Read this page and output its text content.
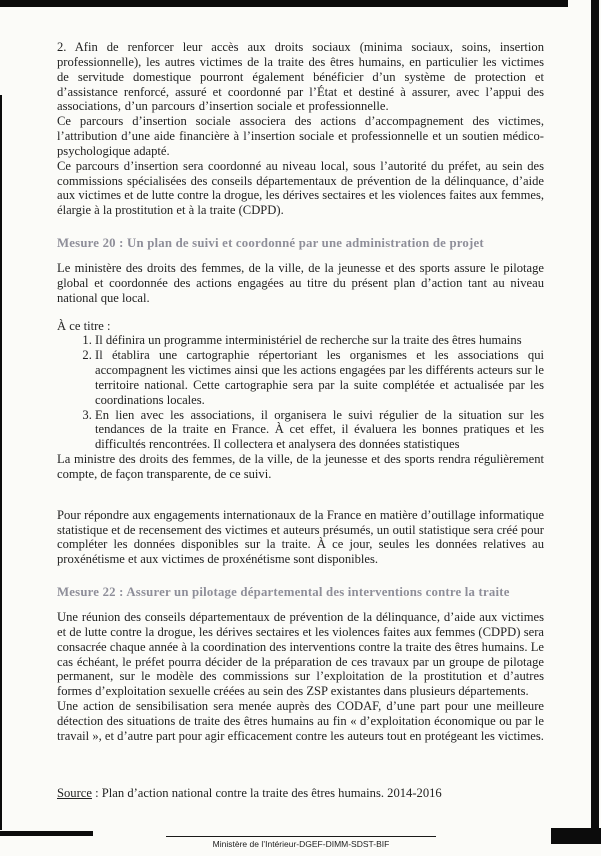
2. Afin de renforcer leur accès aux droits sociaux (minima sociaux, soins, insertion professionnelle), les autres victimes de la traite des êtres humains, en particulier les victimes de servitude domestique pourront également bénéficier d’un système de protection et d’assistance renforcé, assuré et coordonné par l’État et destiné à assurer, avec l’appui des associations, d’un parcours d’insertion sociale et professionnelle.

Ce parcours d’insertion sociale associera des actions d’accompagnement des victimes, l’attribution d’une aide financière à l’insertion sociale et professionnelle et un soutien médico-psychologique adapté.

Ce parcours d’insertion sera coordonné au niveau local, sous l’autorité du préfet, au sein des commissions spécialisées des conseils départementaux de prévention de la délinquance, d’aide aux victimes et de lutte contre la drogue, les dérives sectaires et les violences faites aux femmes, élargie à la prostitution et à la traite (CDPD).

Mesure 20 : Un plan de suivi et coordonné par une administration de projet

Le ministère des droits des femmes, de la ville, de la jeunesse et des sports assure le pilotage global et coordonnée des actions engagées au titre du présent plan d’action tant au niveau national que local.

À ce titre :

1. Il définira un programme interministériel de recherche sur la traite des êtres humains
2. Il établira une cartographie répertoriant les organismes et les associations qui accompagnent les victimes ainsi que les actions engagées par les différents acteurs sur le territoire national. Cette cartographie sera par la suite complétée et actualisée par les coordinations locales.
3. En lien avec les associations, il organisera le suivi régulier de la situation sur les tendances de la traite en France. À cet effet, il évaluera les bonnes pratiques et les difficultés rencontrées. Il collectera et analysera des données statistiques

La ministre des droits des femmes, de la ville, de la jeunesse et des sports rendra régulièrement compte, de façon transparente, de ce suivi.

Pour répondre aux engagements internationaux de la France en matière d’outillage informatique statistique et de recensement des victimes et auteurs présumés, un outil statistique sera créé pour compléter les données disponibles sur la traite. À ce jour, seules les données relatives au proxénétisme et aux victimes de proxénétisme sont disponibles.

Mesure 22 : Assurer un pilotage départemental des interventions contre la traite

Une réunion des conseils départementaux de prévention de la délinquance, d’aide aux victimes et de lutte contre la drogue, les dérives sectaires et les violences faites aux femmes (CDPD) sera consacrée chaque année à la coordination des interventions contre la traite des êtres humains. Le cas échéant, le préfet pourra décider de la préparation de ces travaux par un groupe de pilotage permanent, sur le modèle des commissions sur l’exploitation de la prostitution et d’autres formes d’exploitation sexuelle créées au sein des ZSP existantes dans plusieurs départements.

Une action de sensibilisation sera menée auprès des CODAF, d’une part pour une meilleure détection des situations de traite des êtres humains au fin « d’exploitation économique ou par le travail », et d’autre part pour agir efficacement contre les auteurs tout en protégeant les victimes.

Source : Plan d’action national contre la traite des êtres humains. 2014-2016

Ministère de l’Intérieur-DGEF-DIMM-SDST-BIF
